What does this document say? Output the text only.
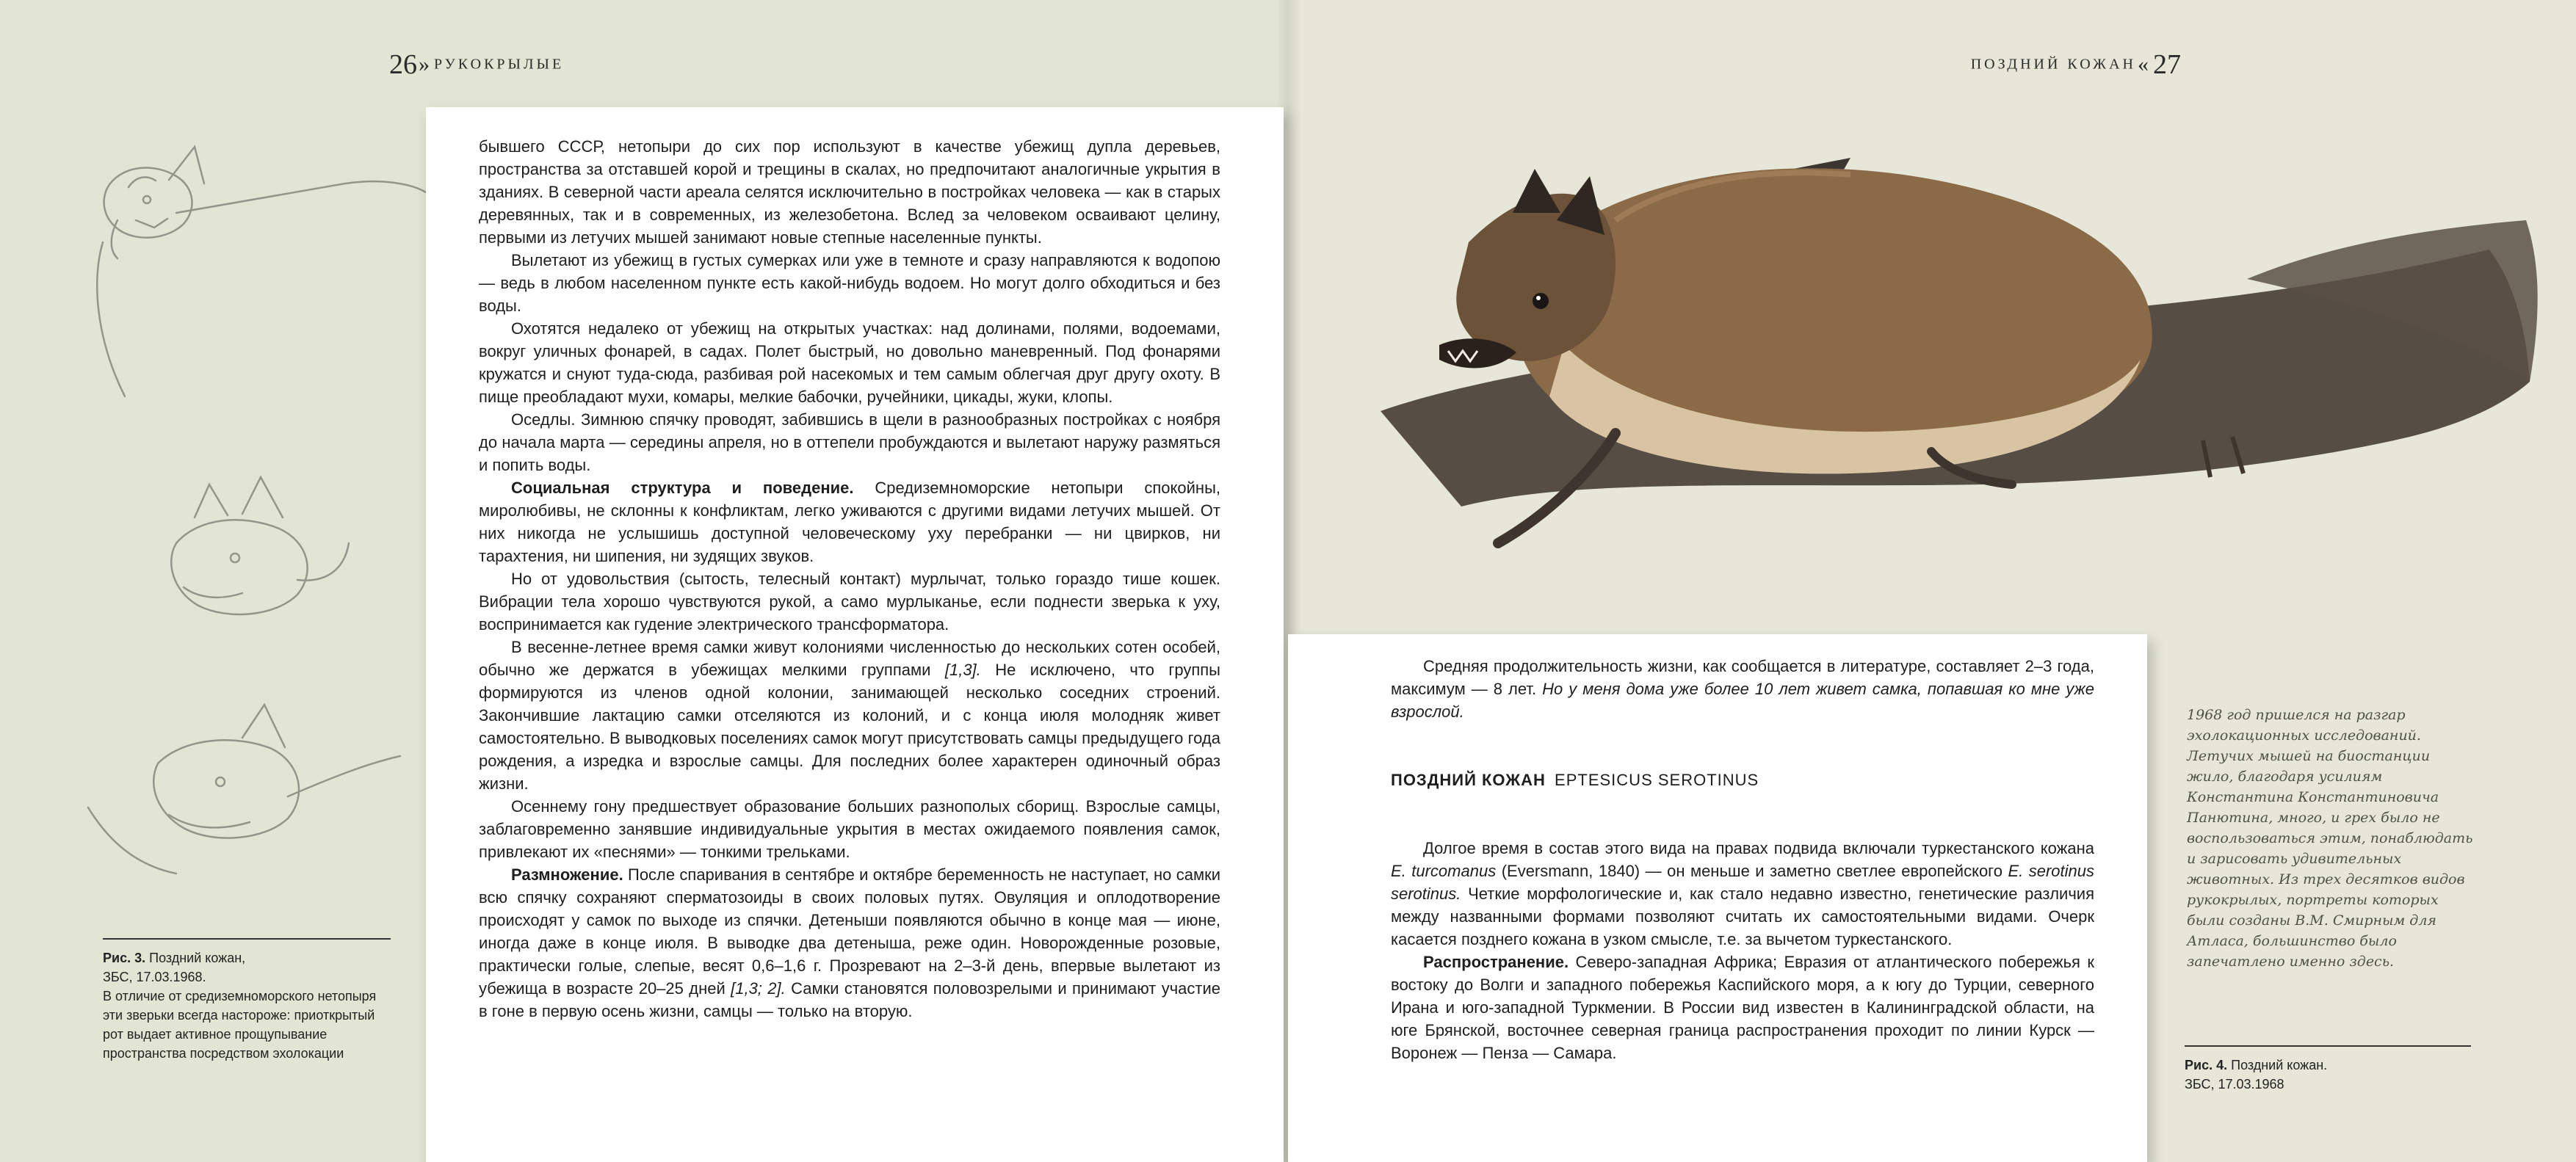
26» РУКОКРЫЛЫЕ	ПОЗДНИЙ КОЖАН« 27

бывшего СССР, нетопыри до сих пор используют в качестве убежищ дупла деревьев, пространства за отставшей корой и трещины в скалах, но предпочитают аналогичные укрытия в зданиях. В северной части ареала селятся исключительно в постройках человека — как в старых деревянных, так и в современных, из железобетона. Вслед за человеком осваивают целину, первыми из летучих мышей занимают новые степные населенные пункты.

Вылетают из убежищ в густых сумерках или уже в темноте и сразу направляются к водопою — ведь в любом населенном пункте есть какой-нибудь водоем. Но могут долго обходиться и без воды.

Охотятся недалеко от убежищ на открытых участках: над долинами, полями, водоемами, вокруг уличных фонарей, в садах. Полет быстрый, но довольно маневренный. Под фонарями кружатся и снуют туда-сюда, разбивая рой насекомых и тем самым облегчая друг другу охоту. В пище преобладают мухи, комары, мелкие бабочки, ручейники, цикады, жуки, клопы.

Оседлы. Зимнюю спячку проводят, забившись в щели в разнообразных постройках с ноября до начала марта — середины апреля, но в оттепели пробуждаются и вылетают наружу размяться и попить воды.

Социальная структура и поведение. Средиземноморские нетопыри спокойны, миролюбивы, не склонны к конфликтам, легко уживаются с другими видами летучих мышей. От них никогда не услышишь доступной человеческому уху перебранки — ни цвирков, ни тарахтения, ни шипения, ни зудящих звуков.

Но от удовольствия (сытость, телесный контакт) мурлычат, только гораздо тише кошек. Вибрации тела хорошо чувствуются рукой, а само мурлыканье, если поднести зверька к уху, воспринимается как гудение электрического трансформатора.

В весенне-летнее время самки живут колониями численностью до нескольких сотен особей, обычно же держатся в убежищах мелкими группами [1,3]. Не исключено, что группы формируются из членов одной колонии, занимающей несколько соседних строений. Закончившие лактацию самки отселяются из колоний, и с конца июля молодняк живет самостоятельно. В выводковых поселениях самок могут присутствовать самцы предыдущего года рождения, а изредка и взрослые самцы. Для последних более характерен одиночный образ жизни.

Осеннему гону предшествует образование больших разнополых сборищ. Взрослые самцы, заблаговременно занявшие индивидуальные укрытия в местах ожидаемого появления самок, привлекают их «песнями» — тонкими трельками.

Размножение. После спаривания в сентябре и октябре беременность не наступает, но самки всю спячку сохраняют сперматозоиды в своих половых путях. Овуляция и оплодотворение происходят у самок по выходе из спячки. Детеныши появляются обычно в конце мая — июне, иногда даже в конце июля. В выводке два детеныша, реже один. Новорожденные розовые, практически голые, слепые, весят 0,6–1,6 г. Прозревают на 2–3-й день, впервые вылетают из убежища в возрасте 20–25 дней [1,3; 2]. Самки становятся половозрелыми и принимают участие в гоне в первую осень жизни, самцы — только на вторую.

Средняя продолжительность жизни, как сообщается в литературе, составляет 2–3 года, максимум — 8 лет. Но у меня дома уже более 10 лет живет самка, попавшая ко мне уже взрослой.

ПОЗДНИЙ КОЖАН EPTESICUS SEROTINUS

Долгое время в состав этого вида на правах подвида включали туркестанского кожана E. turcomanus (Eversmann, 1840) — он меньше и заметно светлее европейского E. serotinus serotinus. Четкие морфологические и, как стало недавно известно, генетические различия между названными формами позволяют считать их самостоятельными видами. Очерк касается позднего кожана в узком смысле, т.е. за вычетом туркестанского.

Распространение. Северо-западная Африка; Евразия от атлантического побережья к востоку до Волги и западного побережья Каспийского моря, а к югу до Турции, северного Ирана и юго-западной Туркмении. В России вид известен в Калининградской области, на юге Брянской, восточнее северная граница распространения проходит по линии Курск — Воронеж — Пенза — Самара.

Рис. 3. Поздний кожан,
ЗБС, 17.03.1968.
В отличие от средиземноморского нетопыря эти зверьки всегда настороже: приоткрытый рот выдает активное прощупывание пространства посредством эхолокации
Рис. 4. Поздний кожан.
ЗБС, 17.03.1968
1968 год пришелся на разгар эхолокационных исследований. Летучих мышей на биостанции жило, благодаря усилиям Константина Константиновича Панютина, много, и грех было не воспользоваться этим, понаблюдать и зарисовать удивительных животных. Из трех десятков видов рукокрылых, портреты которых были созданы В.М. Смирным для Атласа, большинство было запечатлено именно здесь.
